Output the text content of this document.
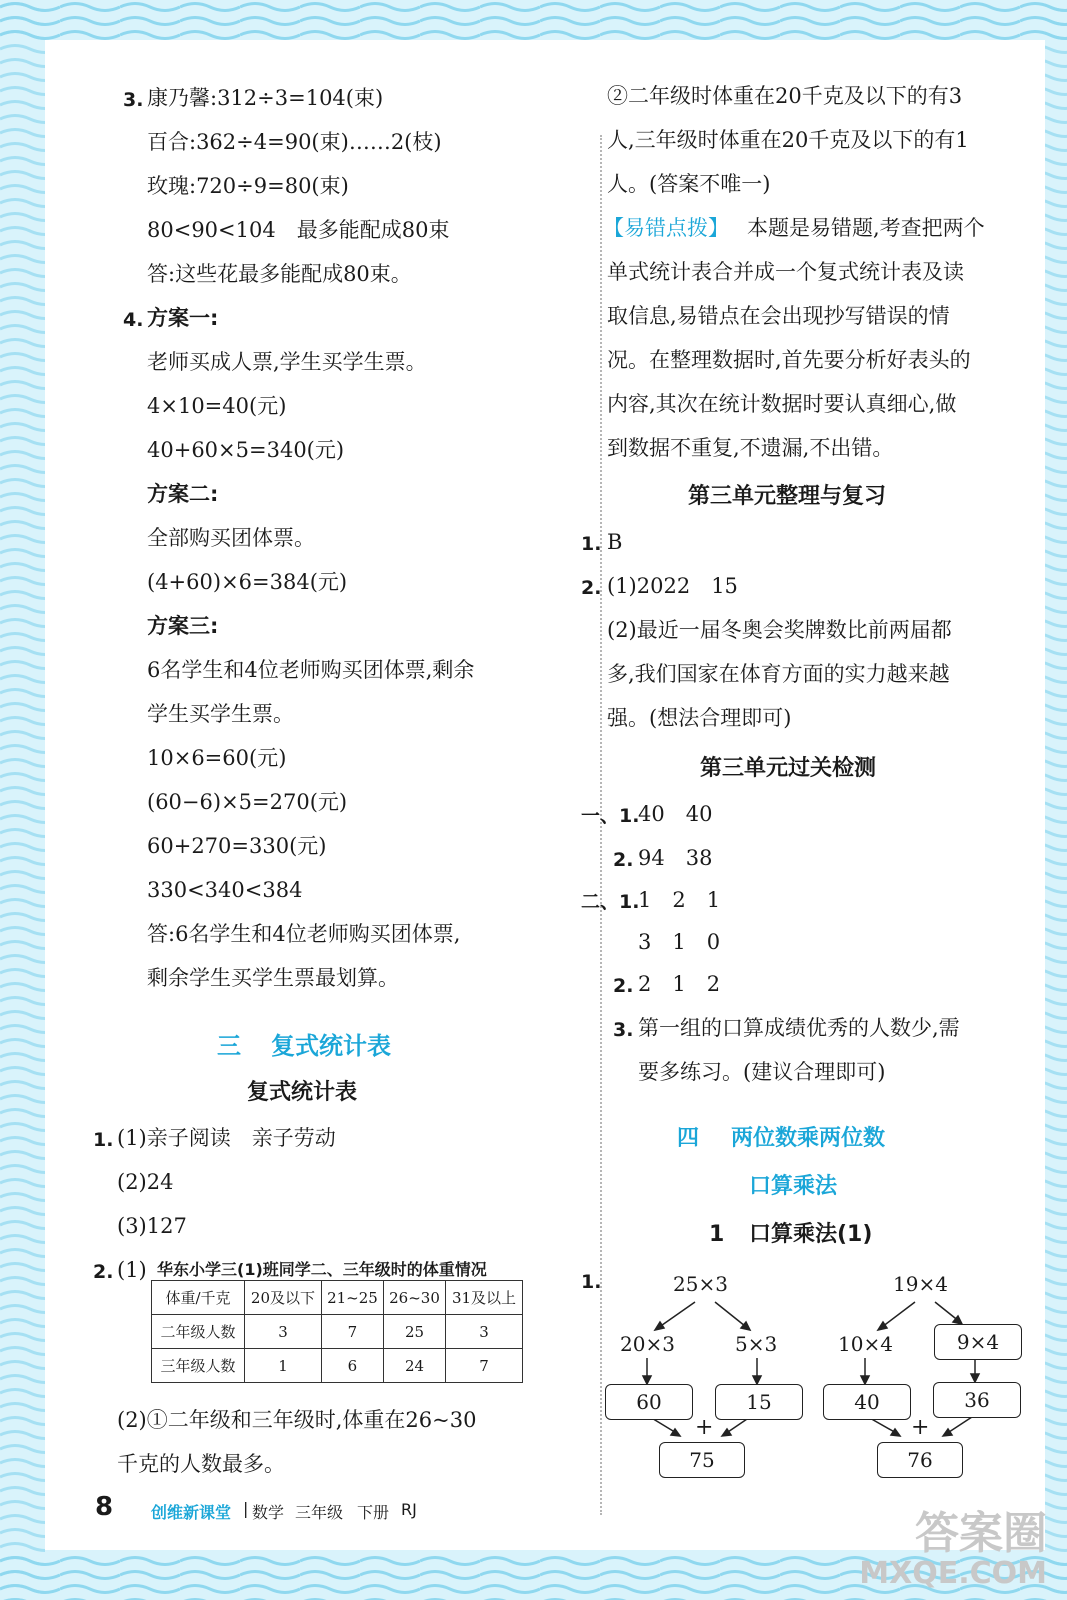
3. 康乃馨:312÷3=104(束)
百合:362÷4=90(束)……2(枝)
玫瑰:720÷9=80(束)
80<90<104　最多能配成80束
答:这些花最多能配成80束。
4. 方案一:
老师买成人票,学生买学生票。
4×10=40(元)
40+60×5=340(元)
方案二:
全部购买团体票。
(4+60)×6=384(元)
方案三:
6名学生和4位老师购买团体票,剩余
学生买学生票。
10×6=60(元)
(60−6)×5=270(元)
60+270=330(元)
330<340<384
答:6名学生和4位老师购买团体票,
剩余学生买学生票最划算。
三 复式统计表
复式统计表
1. (1)亲子阅读　亲子劳动
(2)24
(3)127
2. (1) 华东小学三(1)班同学二、三年级时的体重情况
体重/千克	20及以下	21~25	26~30	31及以上
二年级人数	3	7	25	3
三年级人数	1	6	24	7
(2)①二年级和三年级时,体重在26~30
千克的人数最多。
②二年级时体重在20千克及以下的有3
人,三年级时体重在20千克及以下的有1
人。(答案不唯一)
【易错点拨】 本题是易错题,考查把两个
单式统计表合并成一个复式统计表及读
取信息,易错点在会出现抄写错误的情
况。在整理数据时,首先要分析好表头的
内容,其次在统计数据时要认真细心,做
到数据不重复,不遗漏,不出错。
第三单元整理与复习
1. B
2. (1)2022　15
(2)最近一届冬奥会奖牌数比前两届都
多,我们国家在体育方面的实力越来越
强。(想法合理即可)
第三单元过关检测
一、1.
40　40
2. 94　38
二、1.
1　2　1
3　1　0
2. 2　1　2
3. 第一组的口算成绩优秀的人数少,需
要多练习。(建议合理即可)
四 两位数乘两位数
口算乘法
1 口算乘法(1)
1.	25×3
20×3	5×3
60	15
+
75
19×4
10×4	9×4
40	36
+
76
8 创维新课堂 | 数学 三年级 下册 RJ	答案圈
MXQE.COM
